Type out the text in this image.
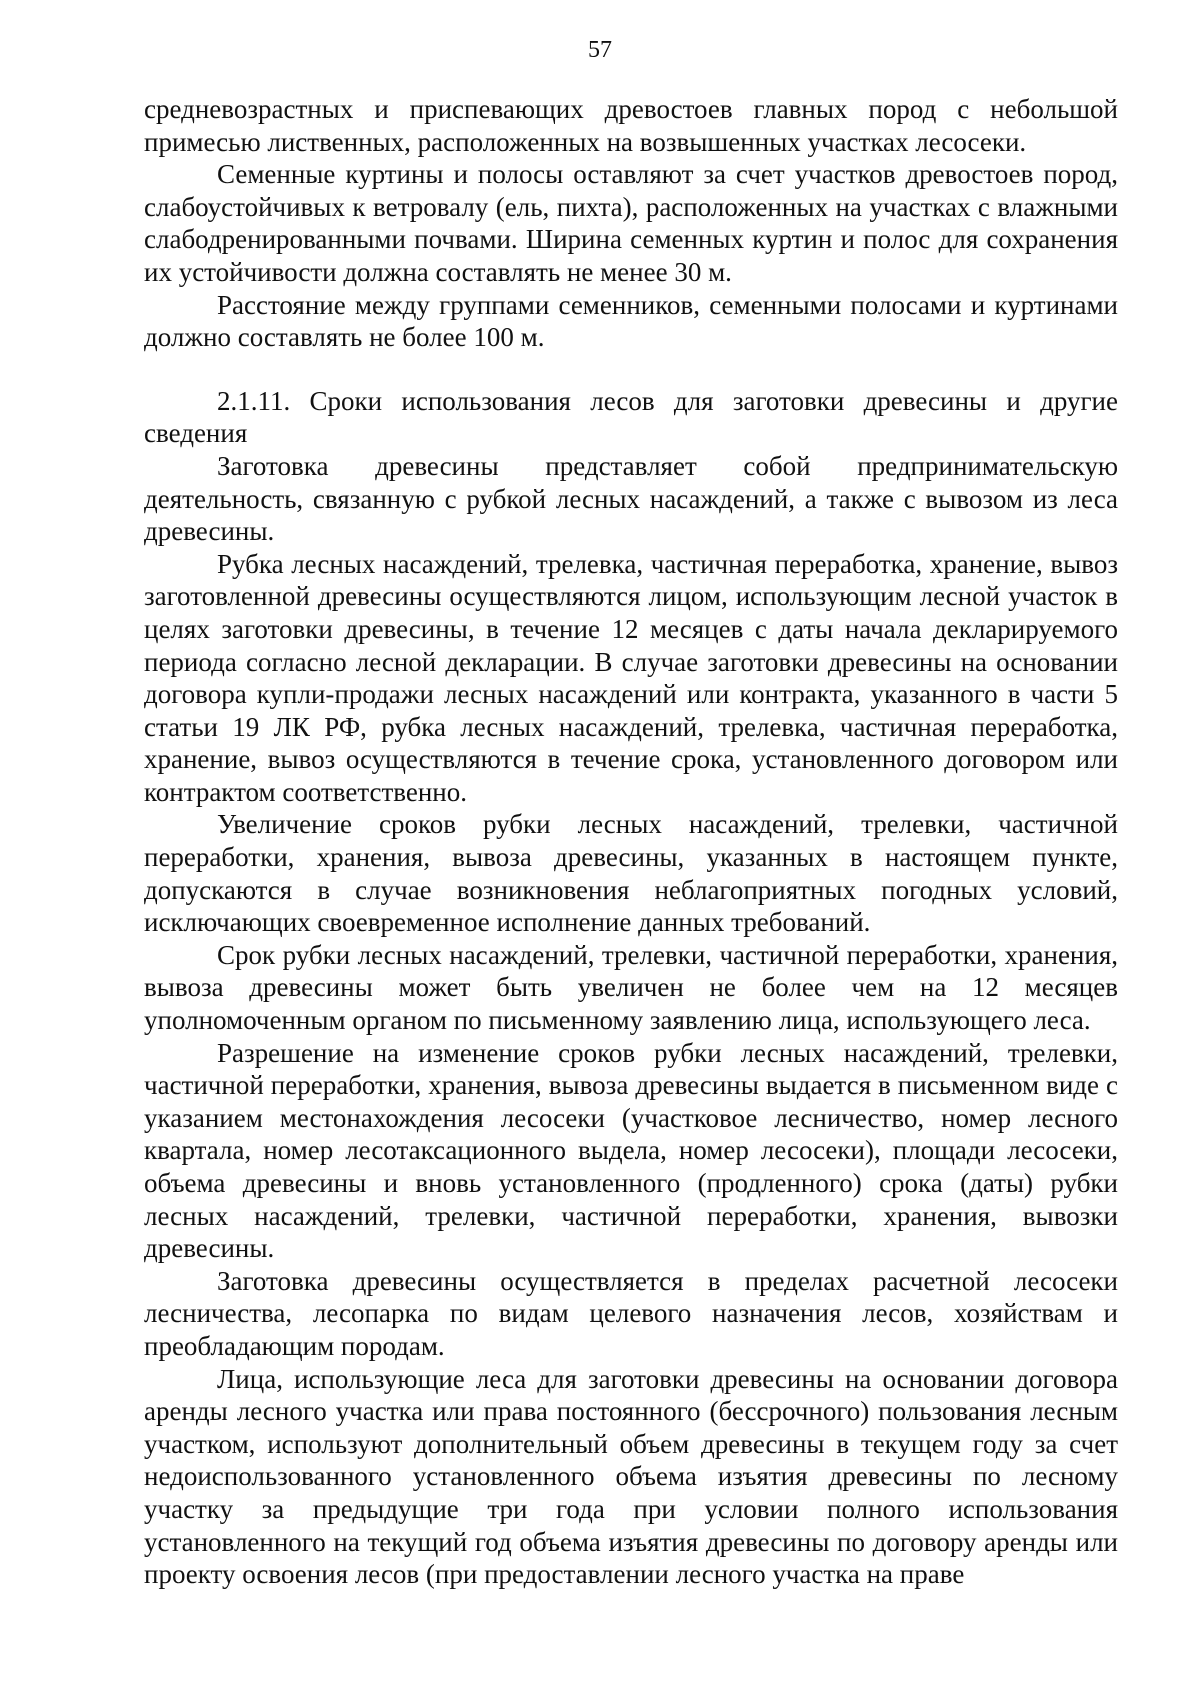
57

средневозрастных и приспевающих древостоев главных пород с небольшой примесью лиственных, расположенных на возвышенных участках лесосеки.

Семенные куртины и полосы оставляют за счет участков древостоев пород, слабоустойчивых к ветровалу (ель, пихта), расположенных на участках с влажными слабодренированными почвами. Ширина семенных куртин и полос для сохранения их устойчивости должна составлять не менее 30 м.

Расстояние между группами семенников, семенными полосами и куртинами должно составлять не более 100 м.

2.1.11. Сроки использования лесов для заготовки древесины и другие сведения

Заготовка древесины представляет собой предпринимательскую деятельность, связанную с рубкой лесных насаждений, а также с вывозом из леса древесины.

Рубка лесных насаждений, трелевка, частичная переработка, хранение, вывоз заготовленной древесины осуществляются лицом, использующим лесной участок в целях заготовки древесины, в течение 12 месяцев с даты начала декларируемого периода согласно лесной декларации. В случае заготовки древесины на основании договора купли-продажи лесных насаждений или контракта, указанного в части 5 статьи 19 ЛК РФ, рубка лесных насаждений, трелевка, частичная переработка, хранение, вывоз осуществляются в течение срока, установленного договором или контрактом соответственно.

Увеличение сроков рубки лесных насаждений, трелевки, частичной переработки, хранения, вывоза древесины, указанных в настоящем пункте, допускаются в случае возникновения неблагоприятных погодных условий, исключающих своевременное исполнение данных требований.

Срок рубки лесных насаждений, трелевки, частичной переработки, хранения, вывоза древесины может быть увеличен не более чем на 12 месяцев уполномоченным органом по письменному заявлению лица, использующего леса.

Разрешение на изменение сроков рубки лесных насаждений, трелевки, частичной переработки, хранения, вывоза древесины выдается в письменном виде с указанием местонахождения лесосеки (участковое лесничество, номер лесного квартала, номер лесотаксационного выдела, номер лесосеки), площади лесосеки, объема древесины и вновь установленного (продленного) срока (даты) рубки лесных насаждений, трелевки, частичной переработки, хранения, вывозки древесины.

Заготовка древесины осуществляется в пределах расчетной лесосеки лесничества, лесопарка по видам целевого назначения лесов, хозяйствам и преобладающим породам.

Лица, использующие леса для заготовки древесины на основании договора аренды лесного участка или права постоянного (бессрочного) пользования лесным участком, используют дополнительный объем древесины в текущем году за счет недоиспользованного установленного объема изъятия древесины по лесному участку за предыдущие три года при условии полного использования установленного на текущий год объема изъятия древесины по договору аренды или проекту освоения лесов (при предоставлении лесного участка на праве
